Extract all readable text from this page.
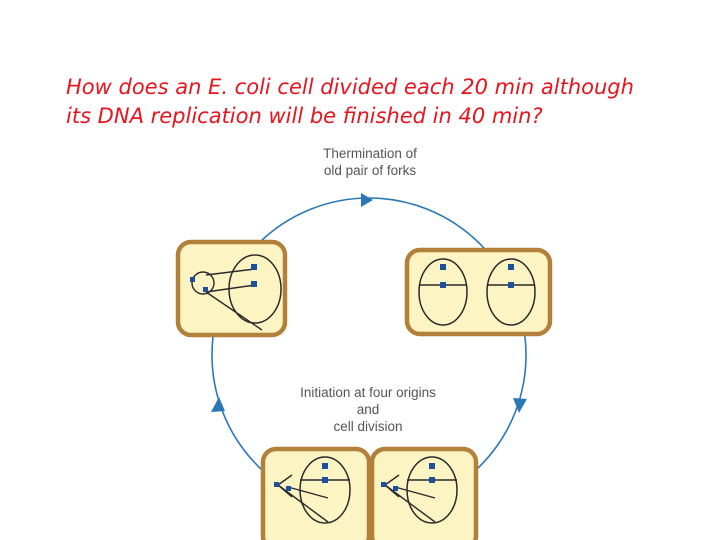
How does an E. coli cell divided each 20 min although
its DNA replication will be finished in 40 min?
Thermination of
old pair of forks
Initiation at four origins
and
cell division
